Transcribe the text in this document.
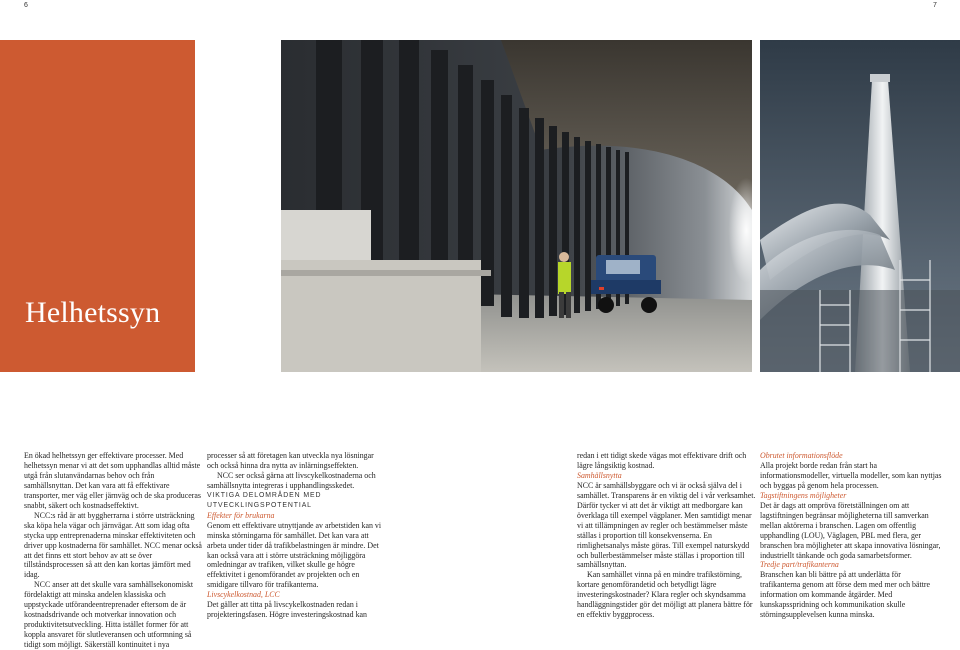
6	7
Helhetssyn

En ökad helhetssyn ger effektivare processer. Med helhetssyn menar vi att det som upphandlas alltid måste utgå från slutanvändarnas behov och från samhällsnyttan. Det kan vara att få effektivare transporter, mer väg eller järnväg och de ska produceras snabbt, säkert och kostnadseffektivt.

NCC:s råd är att byggherrarna i större utsträckning ska köpa hela vägar och järnvägar. Att som idag ofta stycka upp entreprenaderna minskar effektiviteten och driver upp kostnaderna för samhället. NCC menar också att det finns ett stort behov av att se över tillståndsprocessen så att den kan kortas jämfört med idag.

NCC anser att det skulle vara samhällsekonomiskt fördelaktigt att minska andelen klassiska och uppstyckade utförandeentreprenader eftersom de är kostnadsdrivande och motverkar innovation och produktivitetsutveckling. Hitta istället former för att koppla ansvaret för slutleveransen och utformning så tidigt som möjligt. Säkerställ kontinuitet i nya

processer så att företagen kan utveckla nya lösningar och också hinna dra nytta av inlärningseffekten.

NCC ser också gärna att livscykelkostnaderna och samhällsnytta integreras i upphandlingsskedet.

VIKTIGA DELOMRÅDEN MED UTVECKLINGSPOTENTIAL

Effekter för brukarna

Genom ett effektivare utnyttjande av arbetstiden kan vi minska störningarna för samhället. Det kan vara att arbeta under tider då trafikbelastningen är mindre. Det kan också vara att i större utsträckning möjliggöra omledningar av trafiken, vilket skulle ge högre effektivitet i genomförandet av projekten och en smidigare tillvaro för trafikanterna.

Livscykelkostnad, LCC

Det gäller att titta på livscykelkostnaden redan i projekteringsfasen. Högre investeringskostnad kan

redan i ett tidigt skede vägas mot effektivare drift och lägre långsiktig kostnad.

Samhällsnytta

NCC är samhällsbyggare och vi är också själva del i samhället. Transparens är en viktig del i vår verksamhet. Därför tycker vi att det är viktigt att medborgare kan överklaga till exempel vägplaner. Men samtidigt menar vi att tillämpningen av regler och bestämmelser måste ställas i proportion till konsekvenserna. En rimlighetsanalys måste göras. Till exempel naturskydd och bullerbestämmelser måste ställas i proportion till samhällsnyttan.

Kan samhället vinna på en mindre trafikstörning, kortare genomförandetid och betydligt lägre investeringskostnader? Klara regler och skyndsamma handläggningstider gör det möjligt att planera bättre för en effektiv byggprocess.

Obrutet informationsflöde

Alla projekt borde redan från start ha informationsmodeller, virtuella modeller, som kan nyttjas och byggas på genom hela processen.

Tagstiftningens möjligheter

Det är dags att ompröva företställningen om att lagstiftningen begränsar möjligheterna till samverkan mellan aktörerna i branschen. Lagen om offentlig upphandling (LOU), Väglagen, PBL med flera, ger branschen bra möjligheter att skapa innovativa lösningar, industriellt tänkande och goda samarbetsformer.

Tredje part/trafikanterna

Branschen kan bli bättre på att underlätta för trafikanterna genom att förse dem med mer och bättre information om kommande åtgärder. Med kunskapsspridning och kommunikation skulle störningsupplevelsen kunna minska.
